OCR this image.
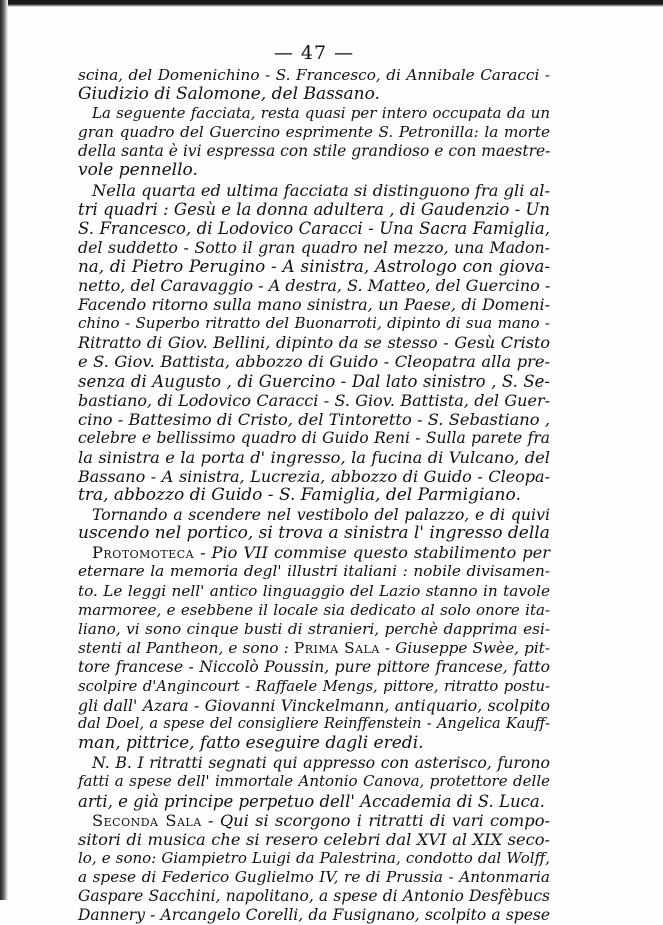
— 47 —
scina, del Domenichino - S. Francesco, di Annibale Caracci -
Giudizio di Salomone, del Bassano.
La seguente facciata, resta quasi per intero occupata da un
gran quadro del Guercino esprimente S. Petronilla: la morte
della santa è ivi espressa con stile grandioso e con maestre-
vole pennello.
Nella quarta ed ultima facciata si distinguono fra gli al-
tri quadri : Gesù e la donna adultera , di Gaudenzio - Un
S. Francesco, di Lodovico Caracci - Una Sacra Famiglia,
del suddetto - Sotto il gran quadro nel mezzo, una Madon-
na, di Pietro Perugino - A sinistra, Astrologo con giova-
netto, del Caravaggio - A destra, S. Matteo, del Guercino -
Facendo ritorno sulla mano sinistra, un Paese, di Domeni-
chino - Superbo ritratto del Buonarroti, dipinto di sua mano -
Ritratto di Giov. Bellini, dipinto da se stesso - Gesù Cristo
e S. Giov. Battista, abbozzo di Guido - Cleopatra alla pre-
senza di Augusto , di Guercino - Dal lato sinistro , S. Se-
bastiano, di Lodovico Caracci - S. Giov. Battista, del Guer-
cino - Battesimo di Cristo, del Tintoretto - S. Sebastiano ,
celebre e bellissimo quadro di Guido Reni - Sulla parete fra
la sinistra e la porta d' ingresso, la fucina di Vulcano, del
Bassano - A sinistra, Lucrezia, abbozzo di Guido - Cleopa-
tra, abbozzo di Guido - S. Famiglia, del Parmigiano.
Tornando a scendere nel vestibolo del palazzo, e di quivi
uscendo nel portico, si trova a sinistra l' ingresso della
Protomoteca - Pio VII commise questo stabilimento per
eternare la memoria degl' illustri italiani : nobile divisamen-
to. Le leggi nell' antico linguaggio del Lazio stanno in tavole
marmoree, e esebbene il locale sia dedicato al solo onore ita-
liano, vi sono cinque busti di stranieri, perchè dapprima esi-
stenti al Pantheon, e sono : Prima Sala - Giuseppe Swèe, pit-
tore francese - Niccolò Poussin, pure pittore francese, fatto
scolpire d'Angincourt - Raffaele Mengs, pittore, ritratto postu-
gli dall' Azara - Giovanni Vinckelmann, antiquario, scolpito
dal Doel, a spese del consigliere Reinffenstein - Angelica Kauff-
man, pittrice, fatto eseguire dagli eredi.
N. B. I ritratti segnati qui appresso con asterisco, furono
fatti a spese dell' immortale Antonio Canova, protettore delle
arti, e già principe perpetuo dell' Accademia di S. Luca.
Seconda Sala - Qui si scorgono i ritratti di vari compo-
sitori di musica che si resero celebri dal XVI al XIX seco-
lo, e sono: Giampietro Luigi da Palestrina, condotto dal Wolff,
a spese di Federico Guglielmo IV, re di Prussia - Antonmaria
Gaspare Sacchini, napolitano, a spese di Antonio Desfèbucs
Dannery - Arcangelo Corelli, da Fusignano, scolpito a spese
